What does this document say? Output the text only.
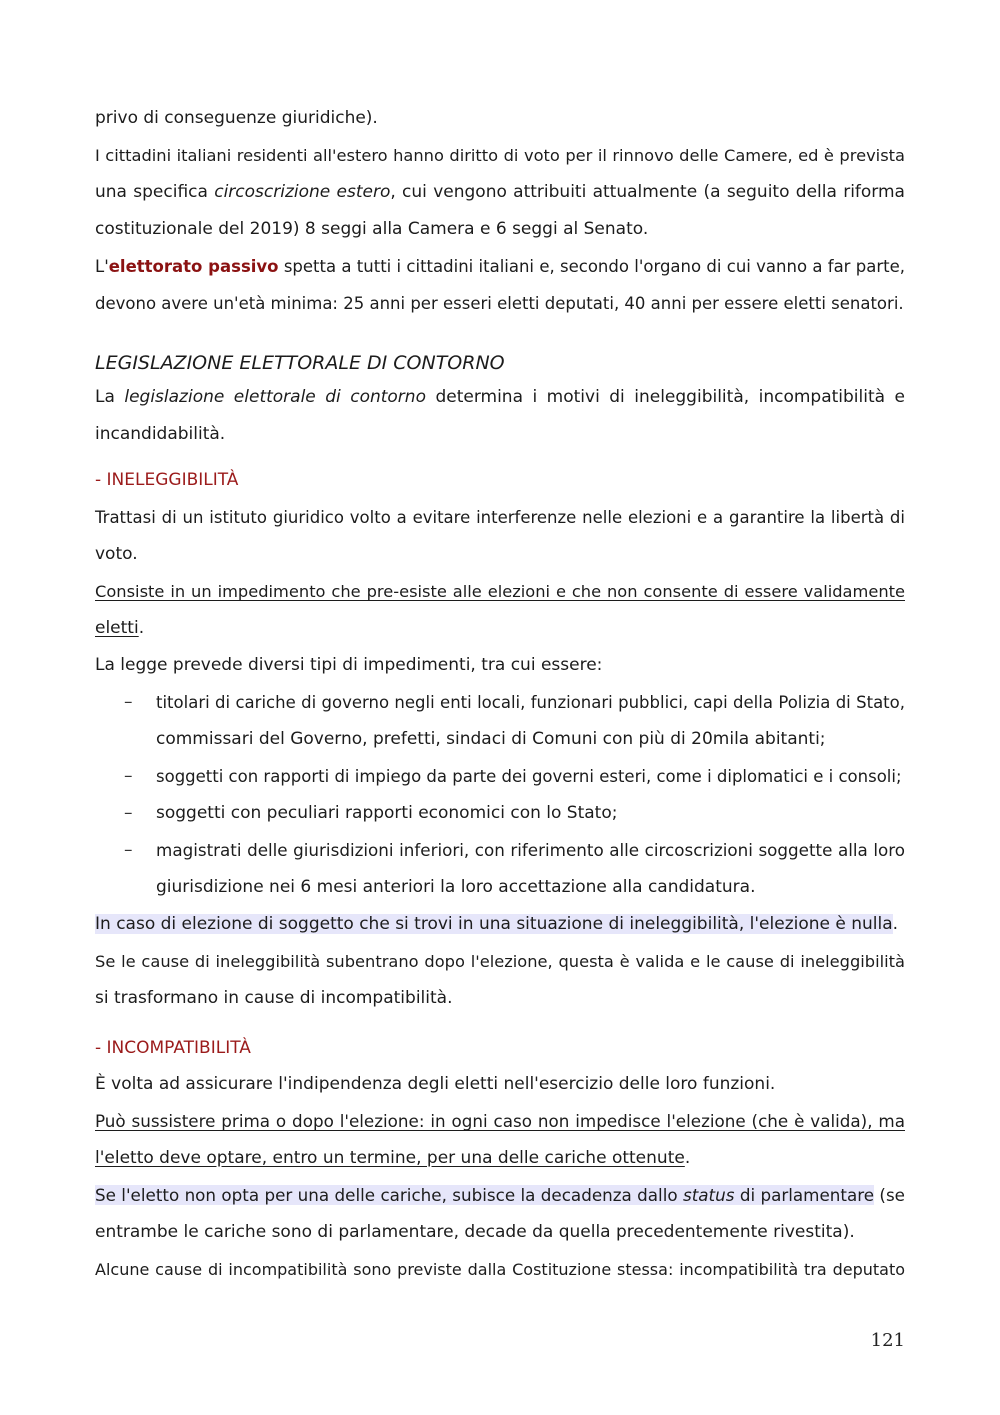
privo di conseguenze giuridiche).
I cittadini italiani residenti all'estero hanno diritto di voto per il rinnovo delle Camere, ed è prevista
una specifica circoscrizione estero, cui vengono attribuiti attualmente (a seguito della riforma
costituzionale del 2019) 8 seggi alla Camera e 6 seggi al Senato.
L'elettorato passivo spetta a tutti i cittadini italiani e, secondo l'organo di cui vanno a far parte,
devono avere un'età minima: 25 anni per esseri eletti deputati, 40 anni per essere eletti senatori.
LEGISLAZIONE ELETTORALE DI CONTORNO
La legislazione elettorale di contorno determina i motivi di ineleggibilità, incompatibilità e
incandidabilità.
- INELEGGIBILITÀ
Trattasi di un istituto giuridico volto a evitare interferenze nelle elezioni e a garantire la libertà di
voto.
Consiste in un impedimento che pre-esiste alle elezioni e che non consente di essere validamente
eletti.
La legge prevede diversi tipi di impedimenti, tra cui essere:
–	titolari di cariche di governo negli enti locali, funzionari pubblici, capi della Polizia di Stato,
commissari del Governo, prefetti, sindaci di Comuni con più di 20mila abitanti;
–	soggetti con rapporti di impiego da parte dei governi esteri, come i diplomatici e i consoli;
–	soggetti con peculiari rapporti economici con lo Stato;
–	magistrati delle giurisdizioni inferiori, con riferimento alle circoscrizioni soggette alla loro
giurisdizione nei 6 mesi anteriori la loro accettazione alla candidatura.
In caso di elezione di soggetto che si trovi in una situazione di ineleggibilità, l'elezione è nulla.
Se le cause di ineleggibilità subentrano dopo l'elezione, questa è valida e le cause di ineleggibilità
si trasformano in cause di incompatibilità.
- INCOMPATIBILITÀ
È volta ad assicurare l'indipendenza degli eletti nell'esercizio delle loro funzioni.
Può sussistere prima o dopo l'elezione: in ogni caso non impedisce l'elezione (che è valida), ma
l'eletto deve optare, entro un termine, per una delle cariche ottenute.
Se l'eletto non opta per una delle cariche, subisce la decadenza dallo status di parlamentare (se
entrambe le cariche sono di parlamentare, decade da quella precedentemente rivestita).
Alcune cause di incompatibilità sono previste dalla Costituzione stessa: incompatibilità tra deputato
121
